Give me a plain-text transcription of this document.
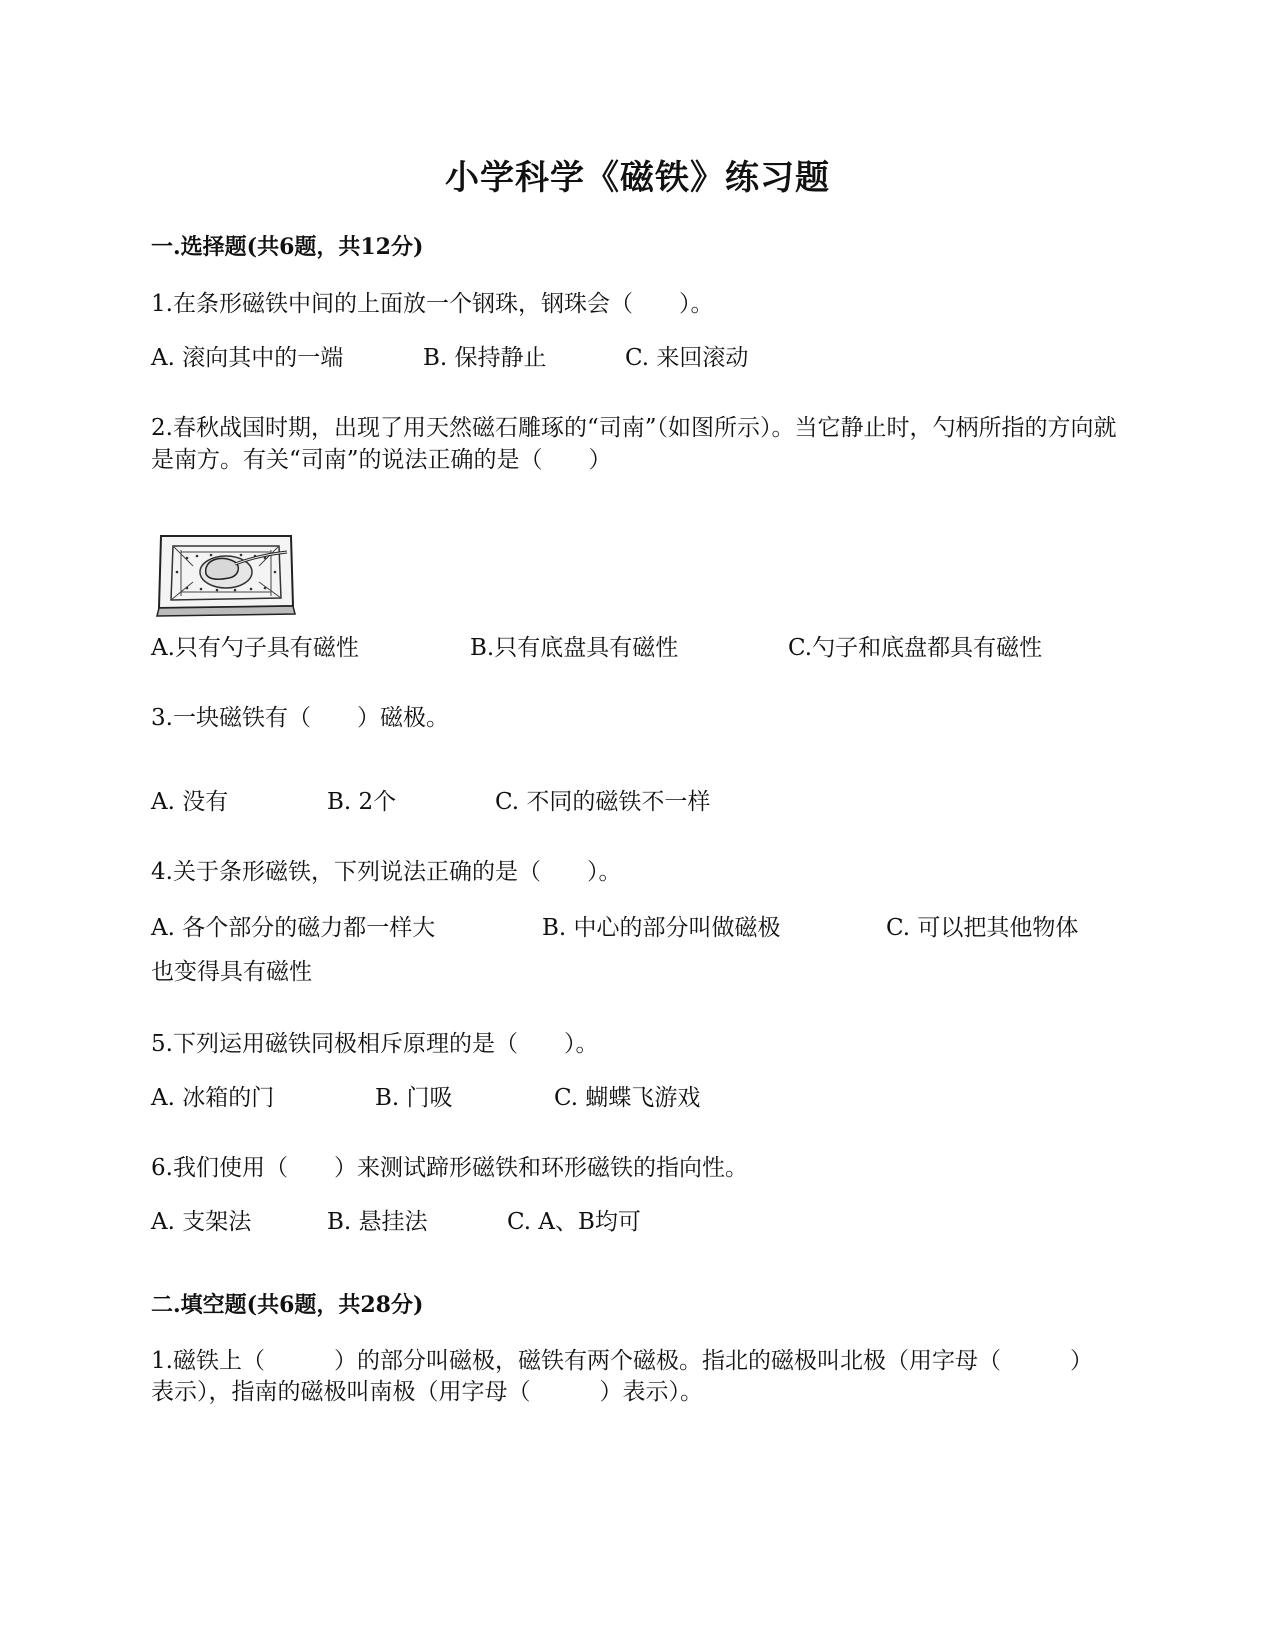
小学科学《磁铁》练习题
一.选择题(共6题，共12分)
1.在条形磁铁中间的上面放一个钢珠，钢珠会（　　）。
A. 滚向其中的一端	B. 保持静止	C. 来回滚动
2.春秋战国时期，出现了用天然磁石雕琢的“司南”（如图所示）。当它静止时，勺柄所指的方向就是南方。有关“司南”的说法正确的是（　　）
A.只有勺子具有磁性	B.只有底盘具有磁性	C.勺子和底盘都具有磁性
3.一块磁铁有（　　）磁极。
A. 没有	B. 2个	C. 不同的磁铁不一样
4.关于条形磁铁，下列说法正确的是（　　）。
A. 各个部分的磁力都一样大	B. 中心的部分叫做磁极	C. 可以把其他物体
也变得具有磁性
5.下列运用磁铁同极相斥原理的是（　　）。
A. 冰箱的门	B. 门吸	C. 蝴蝶飞游戏
6.我们使用（　　）来测试蹄形磁铁和环形磁铁的指向性。
A. 支架法	B. 悬挂法	C. A、B均可
二.填空题(共6题，共28分)
1.磁铁上（　　　）的部分叫磁极，磁铁有两个磁极。指北的磁极叫北极（用字母（　　　）表示），指南的磁极叫南极（用字母（　　　）表示）。
